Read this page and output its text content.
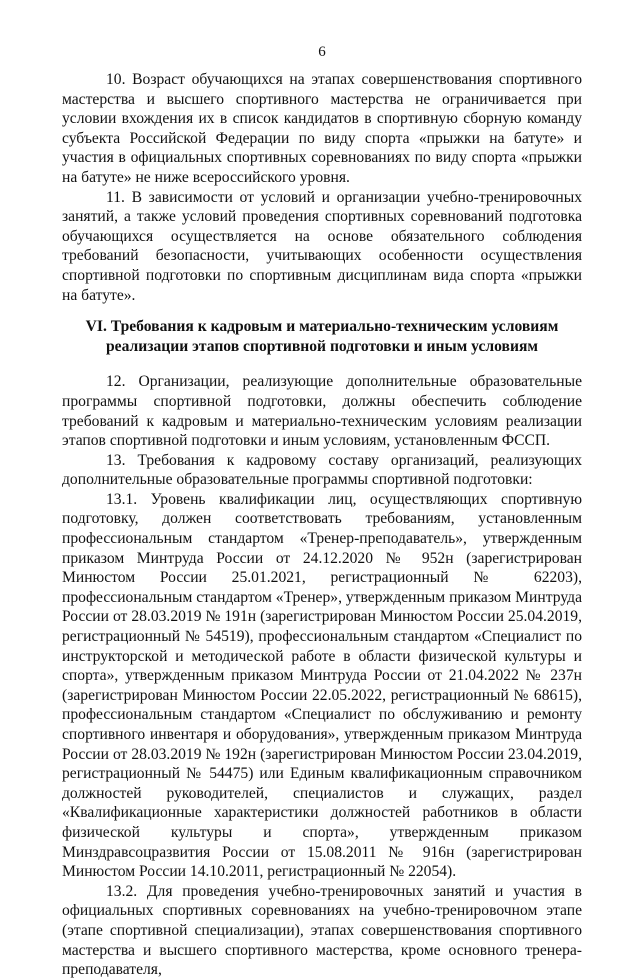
6

10. Возраст обучающихся на этапах совершенствования спортивного мастерства и высшего спортивного мастерства не ограничивается при условии вхождения их в список кандидатов в спортивную сборную команду субъекта Российской Федерации по виду спорта «прыжки на батуте» и участия в официальных спортивных соревнованиях по виду спорта «прыжки на батуте» не ниже всероссийского уровня.

11. В зависимости от условий и организации учебно-тренировочных занятий, а также условий проведения спортивных соревнований подготовка обучающихся осуществляется на основе обязательного соблюдения требований безопасности, учитывающих особенности осуществления спортивной подготовки по спортивным дисциплинам вида спорта «прыжки на батуте».

VI. Требования к кадровым и материально-техническим условиям
реализации этапов спортивной подготовки и иным условиям

12. Организации, реализующие дополнительные образовательные программы спортивной подготовки, должны обеспечить соблюдение требований к кадровым и материально-техническим условиям реализации этапов спортивной подготовки и иным условиям, установленным ФССП.

13. Требования к кадровому составу организаций, реализующих дополнительные образовательные программы спортивной подготовки:

13.1. Уровень квалификации лиц, осуществляющих спортивную подготовку, должен соответствовать требованиям, установленным профессиональным стандартом «Тренер-преподаватель», утвержденным приказом Минтруда России от 24.12.2020 № 952н (зарегистрирован Минюстом России 25.01.2021, регистрационный № 62203), профессиональным стандартом «Тренер», утвержденным приказом Минтруда России от 28.03.2019 № 191н (зарегистрирован Минюстом России 25.04.2019, регистрационный № 54519), профессиональным стандартом «Специалист по инструкторской и методической работе в области физической культуры и спорта», утвержденным приказом Минтруда России от 21.04.2022 № 237н (зарегистрирован Минюстом России 22.05.2022, регистрационный № 68615), профессиональным стандартом «Специалист по обслуживанию и ремонту спортивного инвентаря и оборудования», утвержденным приказом Минтруда России от 28.03.2019 № 192н (зарегистрирован Минюстом России 23.04.2019, регистрационный № 54475) или Единым квалификационным справочником должностей руководителей, специалистов и служащих, раздел «Квалификационные характеристики должностей работников в области физической культуры и спорта», утвержденным приказом Минздравсоцразвития России от 15.08.2011 № 916н (зарегистрирован Минюстом России 14.10.2011, регистрационный № 22054).

13.2. Для проведения учебно-тренировочных занятий и участия в официальных спортивных соревнованиях на учебно-тренировочном этапе (этапе спортивной специализации), этапах совершенствования спортивного мастерства и высшего спортивного мастерства, кроме основного тренера-преподавателя,
